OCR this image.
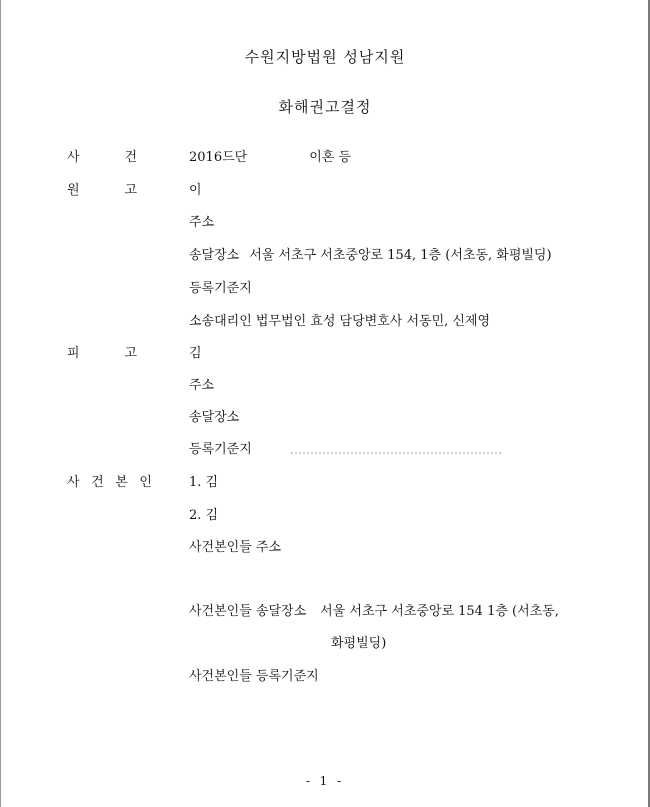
수원지방법원 성남지원
화해권고결정
사	건	2016드단	이혼 등
원	고	이
주소
송달장소 서울 서초구 서초중앙로 154, 1층 (서초동, 화평빌딩)
등록기준지
소송대리인 법무법인 효성 담당변호사 서동민, 신제영
피	고	김
주소
송달장소
등록기준지
사 건 본 인	1. 김
2. 김
사건본인들 주소
사건본인들 송달장소 서울 서초구 서초중앙로 154 1층 (서초동,
화평빌딩)
사건본인들 등록기준지
- 1 -
